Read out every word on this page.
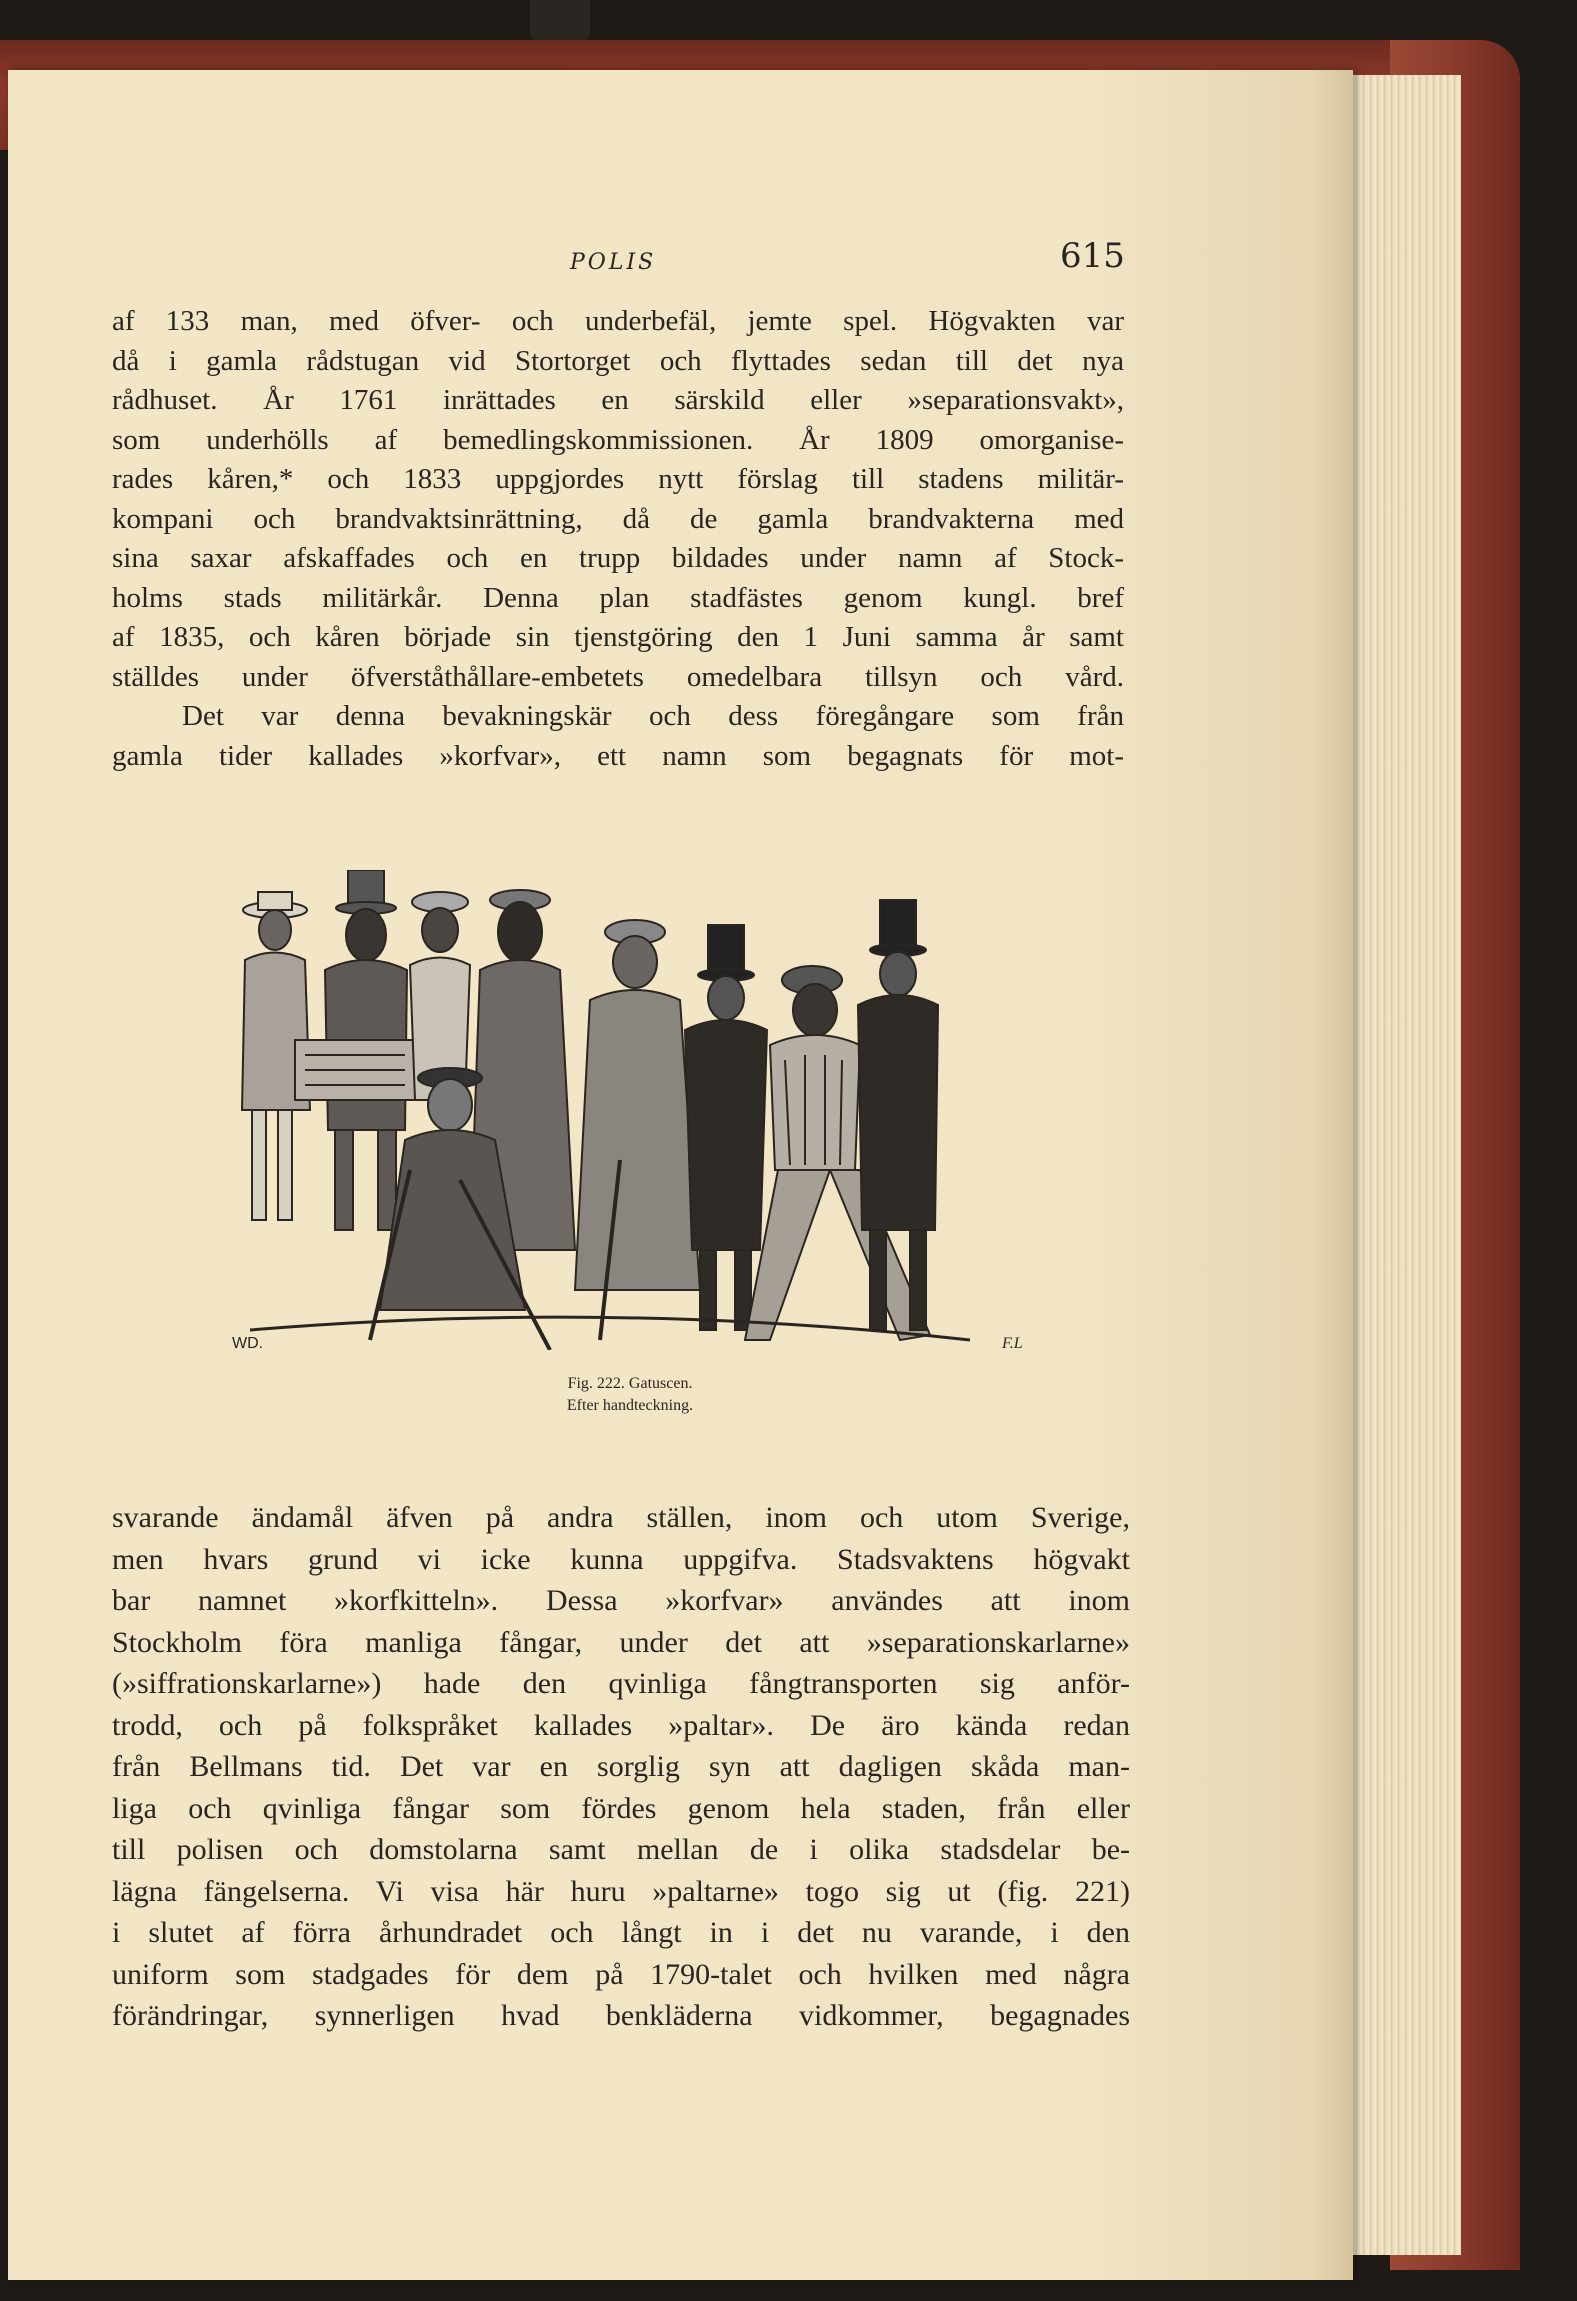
POLIS	615
af 133 man, med öfver- och underbefäl, jemte spel. Högvakten var
då i gamla rådstugan vid Stortorget och flyttades sedan till det nya
rådhuset. År 1761 inrättades en särskild eller »separationsvakt»,
som underhölls af bemedlingskommissionen. År 1809 omorganise-
rades kåren,* och 1833 uppgjordes nytt förslag till stadens militär-
kompani och brandvaktsinrättning, då de gamla brandvakterna med
sina saxar afskaffades och en trupp bildades under namn af Stock-
holms stads militärkår. Denna plan stadfästes genom kungl. bref
af 1835, och kåren började sin tjenstgöring den 1 Juni samma år samt
ställdes under öfverståthållare-embetets omedelbara tillsyn och vård.
Det var denna bevakningskär och dess föregångare som från
gamla tider kallades »korfvar», ett namn som begagnats för mot-
WD.	F.L
Fig. 222. Gatuscen.
Efter handteckning.
svarande ändamål äfven på andra ställen, inom och utom Sverige,
men hvars grund vi icke kunna uppgifva. Stadsvaktens högvakt
bar namnet »korfkitteln». Dessa »korfvar» användes att inom
Stockholm föra manliga fångar, under det att »separationskarlarne»
(»siffrationskarlarne») hade den qvinliga fångtransporten sig anför-
trodd, och på folkspråket kallades »paltar». De äro kända redan
från Bellmans tid. Det var en sorglig syn att dagligen skåda man-
liga och qvinliga fångar som fördes genom hela staden, från eller
till polisen och domstolarna samt mellan de i olika stadsdelar be-
lägna fängelserna. Vi visa här huru »paltarne» togo sig ut (fig. 221)
i slutet af förra århundradet och långt in i det nu varande, i den
uniform som stadgades för dem på 1790-talet och hvilken med några
förändringar, synnerligen hvad benkläderna vidkommer, begagnades
